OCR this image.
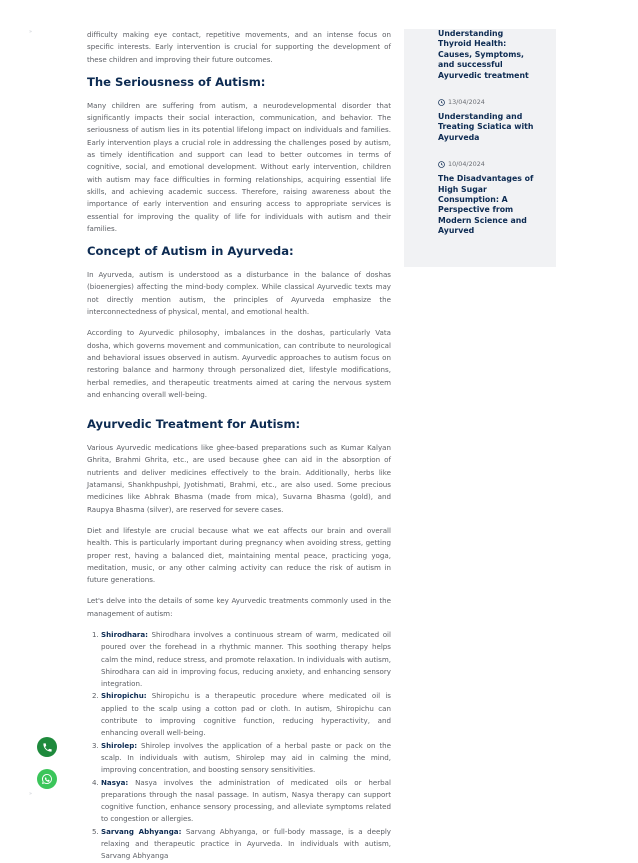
»
»

difficulty making eye contact, repetitive movements, and an intense focus on specific interests. Early intervention is crucial for supporting the development of these children and improving their future outcomes.

The Seriousness of Autism:

Many children are suffering from autism, a neurodevelopmental disorder that significantly impacts their social interaction, communication, and behavior. The seriousness of autism lies in its potential lifelong impact on individuals and families. Early intervention plays a crucial role in addressing the challenges posed by autism, as timely identification and support can lead to better outcomes in terms of cognitive, social, and emotional development. Without early intervention, children with autism may face difficulties in forming relationships, acquiring essential life skills, and achieving academic success. Therefore, raising awareness about the importance of early intervention and ensuring access to appropriate services is essential for improving the quality of life for individuals with autism and their families.

Concept of Autism in Ayurveda:

In Ayurveda, autism is understood as a disturbance in the balance of doshas (bioenergies) affecting the mind-body complex. While classical Ayurvedic texts may not directly mention autism, the principles of Ayurveda emphasize the interconnectedness of physical, mental, and emotional health.

According to Ayurvedic philosophy, imbalances in the doshas, particularly Vata dosha, which governs movement and communication, can contribute to neurological and behavioral issues observed in autism. Ayurvedic approaches to autism focus on restoring balance and harmony through personalized diet, lifestyle modifications, herbal remedies, and therapeutic treatments aimed at caring the nervous system and enhancing overall well-being.

Ayurvedic Treatment for Autism:

Various Ayurvedic medications like ghee-based preparations such as Kumar Kalyan Ghrita, Brahmi Ghrita, etc., are used because ghee can aid in the absorption of nutrients and deliver medicines effectively to the brain. Additionally, herbs like Jatamansi, Shankhpushpi, Jyotishmati, Brahmi, etc., are also used. Some precious medicines like Abhrak Bhasma (made from mica), Suvarna Bhasma (gold), and Raupya Bhasma (silver), are reserved for severe cases.

Diet and lifestyle are crucial because what we eat affects our brain and overall health. This is particularly important during pregnancy when avoiding stress, getting proper rest, having a balanced diet, maintaining mental peace, practicing yoga, meditation, music, or any other calming activity can reduce the risk of autism in future generations.

Let's delve into the details of some key Ayurvedic treatments commonly used in the management of autism:

1. Shirodhara: Shirodhara involves a continuous stream of warm, medicated oil poured over the forehead in a rhythmic manner. This soothing therapy helps calm the mind, reduce stress, and promote relaxation. In individuals with autism, Shirodhara can aid in improving focus, reducing anxiety, and enhancing sensory integration.
2. Shiropichu: Shiropichu is a therapeutic procedure where medicated oil is applied to the scalp using a cotton pad or cloth. In autism, Shiropichu can contribute to improving cognitive function, reducing hyperactivity, and enhancing overall well-being.
3. Shirolep: Shirolep involves the application of a herbal paste or pack on the scalp. In individuals with autism, Shirolep may aid in calming the mind, improving concentration, and boosting sensory sensitivities.
4. Nasya: Nasya involves the administration of medicated oils or herbal preparations through the nasal passage. In autism, Nasya therapy can support cognitive function, enhance sensory processing, and alleviate symptoms related to congestion or allergies.
5. Sarvang Abhyanga: Sarvang Abhyanga, or full-body massage, is a deeply relaxing and therapeutic practice in Ayurveda. In individuals with autism, Sarvang Abhyanga
Understanding Thyroid Health: Causes, Symptoms, and successful Ayurvedic treatment
13/04/2024
Understanding and Treating Sciatica with Ayurveda
10/04/2024
The Disadvantages of High Sugar Consumption: A Perspective from Modern Science and Ayurved
